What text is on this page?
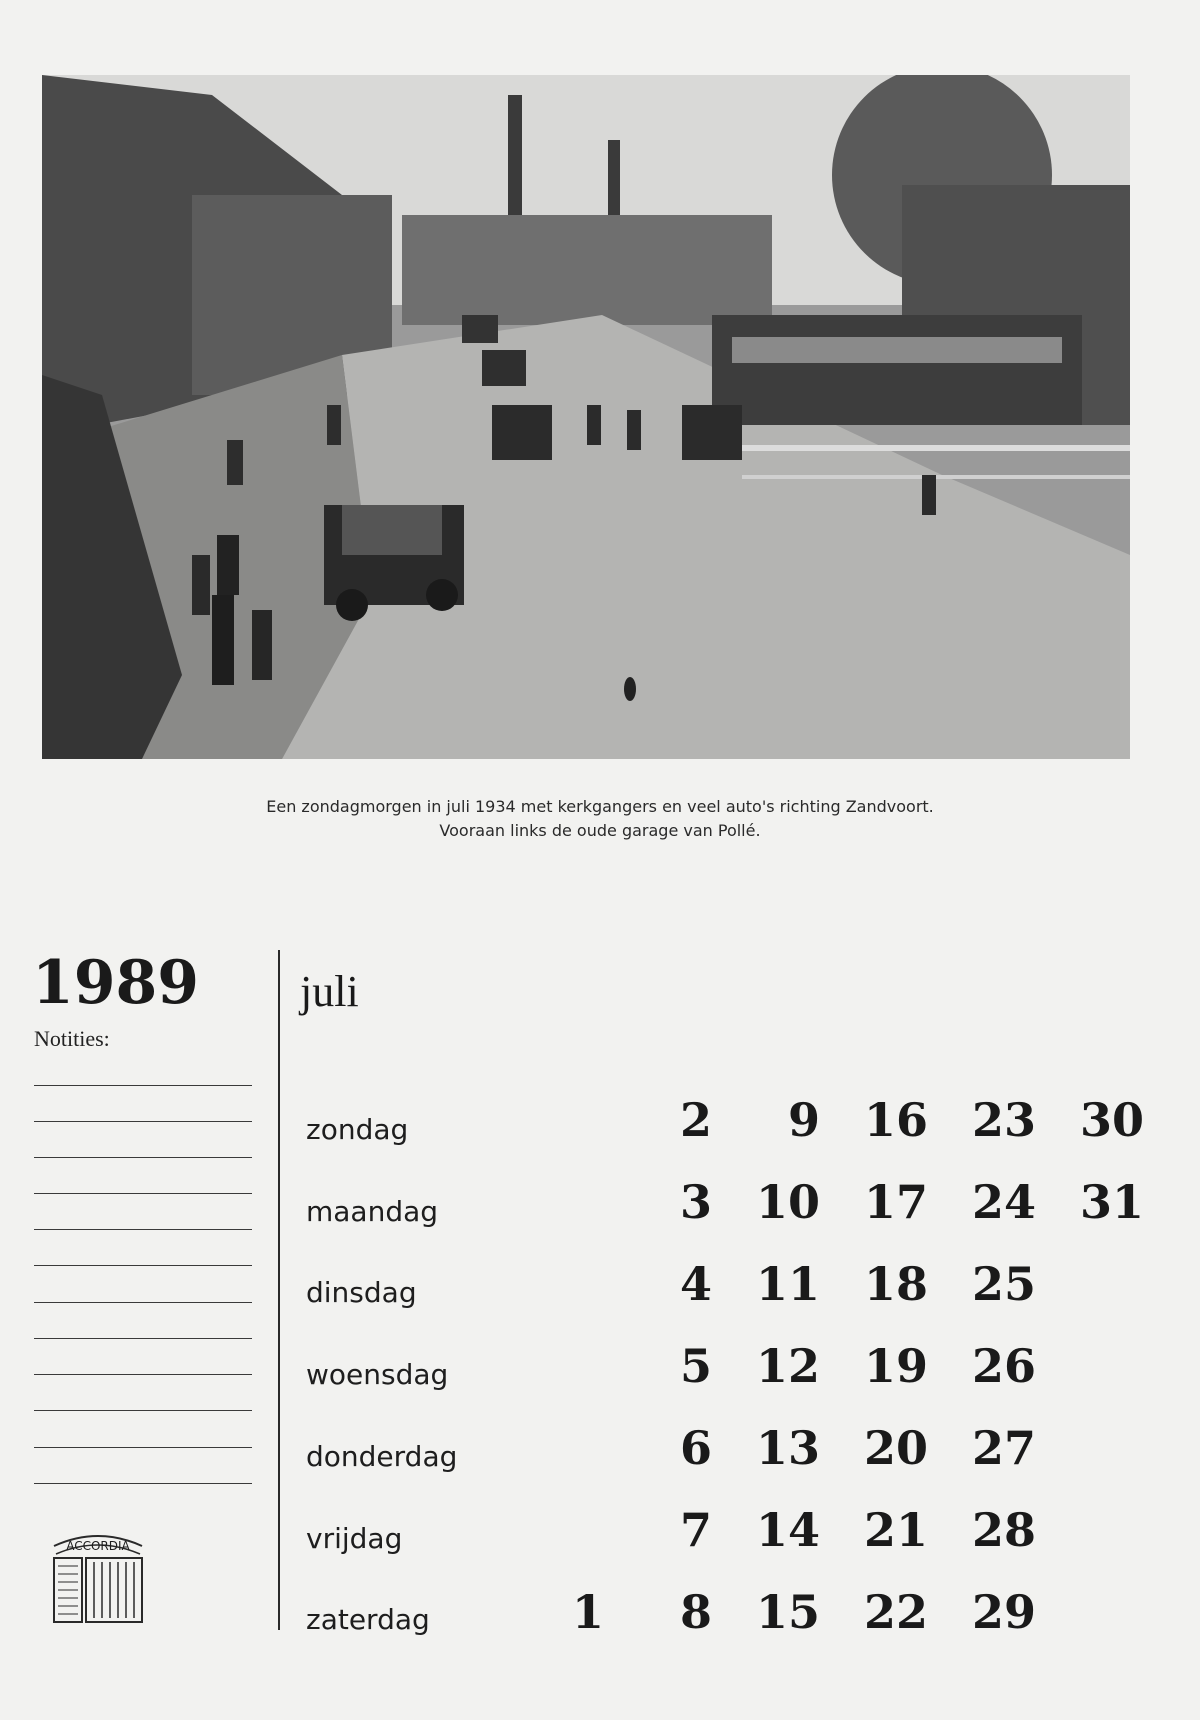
Een zondagmorgen in juli 1934 met kerkgangers en veel auto's richting Zandvoort.
Vooraan links de oude garage van Pollé.
1989
Notities:
ACCORDIA
juli
zondag
maandag
dinsdag
woensdag
donderdag
vrijdag
zaterdag	1
2
3
4
5
6
7
8
9
10
11
12
13
14
15
16
17
18
19
20
21
22
23
24
25
26
27
28
29
30
31
